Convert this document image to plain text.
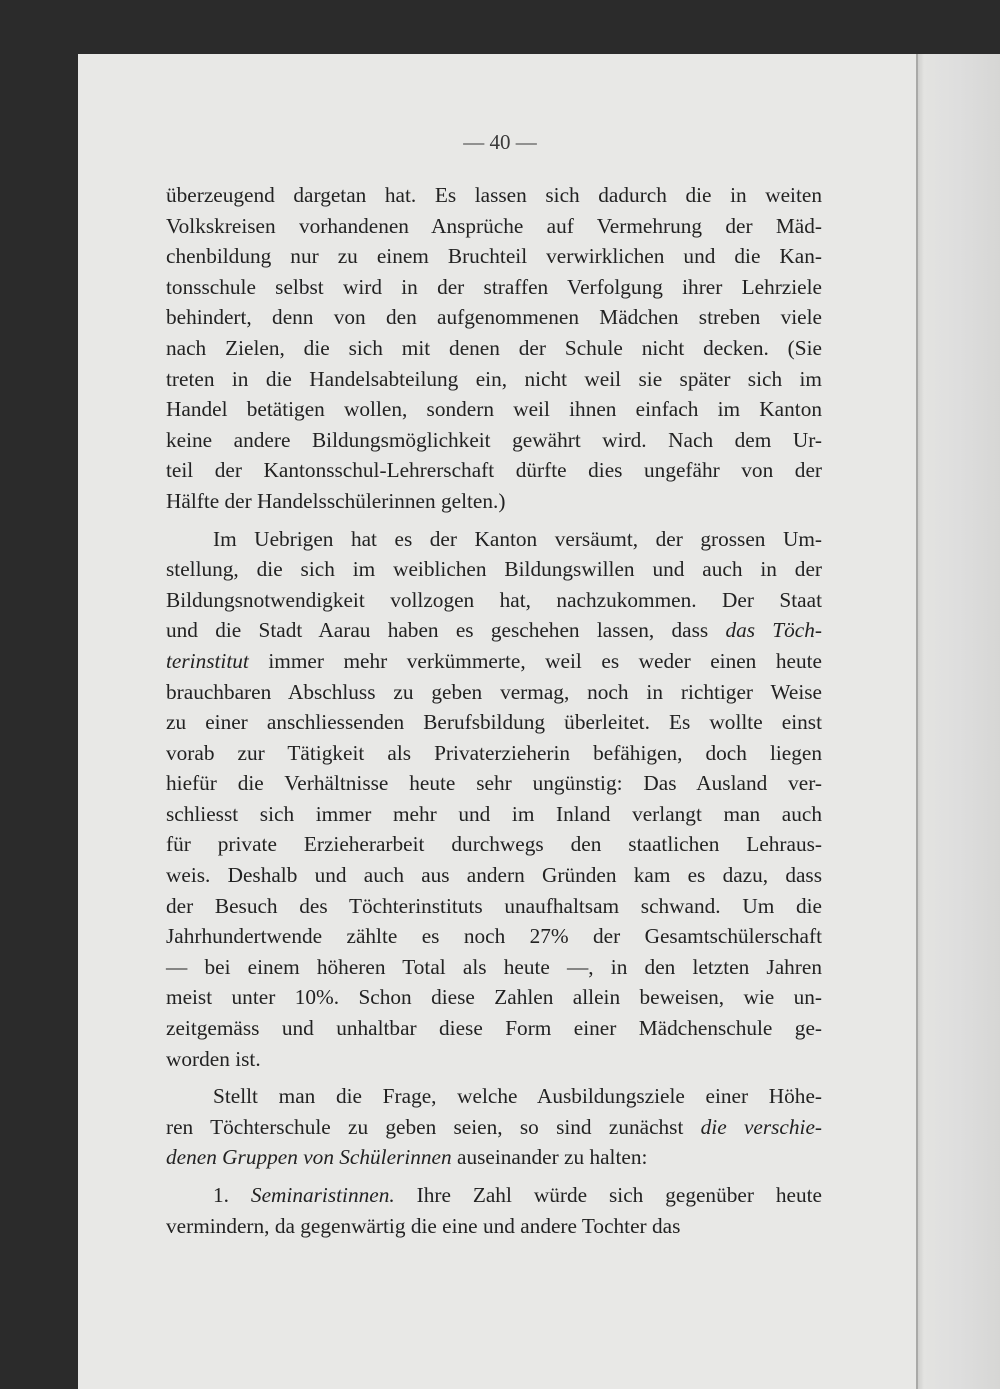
— 40 —
überzeugend dargetan hat. Es lassen sich dadurch die in weiten
Volkskreisen vorhandenen Ansprüche auf Vermehrung der Mäd-
chenbildung nur zu einem Bruchteil verwirklichen und die Kan-
tonsschule selbst wird in der straffen Verfolgung ihrer Lehrziele
behindert, denn von den aufgenommenen Mädchen streben viele
nach Zielen, die sich mit denen der Schule nicht decken. (Sie
treten in die Handelsabteilung ein, nicht weil sie später sich im
Handel betätigen wollen, sondern weil ihnen einfach im Kanton
keine andere Bildungsmöglichkeit gewährt wird. Nach dem Ur-
teil der Kantonsschul-Lehrerschaft dürfte dies ungefähr von der
Hälfte der Handelsschülerinnen gelten.)
Im Uebrigen hat es der Kanton versäumt, der grossen Um-
stellung, die sich im weiblichen Bildungswillen und auch in der
Bildungsnotwendigkeit vollzogen hat, nachzukommen. Der Staat
und die Stadt Aarau haben es geschehen lassen, dass das Töch-
terinstitut immer mehr verkümmerte, weil es weder einen heute
brauchbaren Abschluss zu geben vermag, noch in richtiger Weise
zu einer anschliessenden Berufsbildung überleitet. Es wollte einst
vorab zur Tätigkeit als Privaterzieherin befähigen, doch liegen
hiefür die Verhältnisse heute sehr ungünstig: Das Ausland ver-
schliesst sich immer mehr und im Inland verlangt man auch
für private Erzieherarbeit durchwegs den staatlichen Lehraus-
weis. Deshalb und auch aus andern Gründen kam es dazu, dass
der Besuch des Töchterinstituts unaufhaltsam schwand. Um die
Jahrhundertwende zählte es noch 27% der Gesamtschülerschaft
— bei einem höheren Total als heute —, in den letzten Jahren
meist unter 10%. Schon diese Zahlen allein beweisen, wie un-
zeitgemäss und unhaltbar diese Form einer Mädchenschule ge-
worden ist.
Stellt man die Frage, welche Ausbildungsziele einer Höhe-
ren Töchterschule zu geben seien, so sind zunächst die verschie-
denen Gruppen von Schülerinnen auseinander zu halten:
1. Seminaristinnen. Ihre Zahl würde sich gegenüber heute
vermindern, da gegenwärtig die eine und andere Tochter das
